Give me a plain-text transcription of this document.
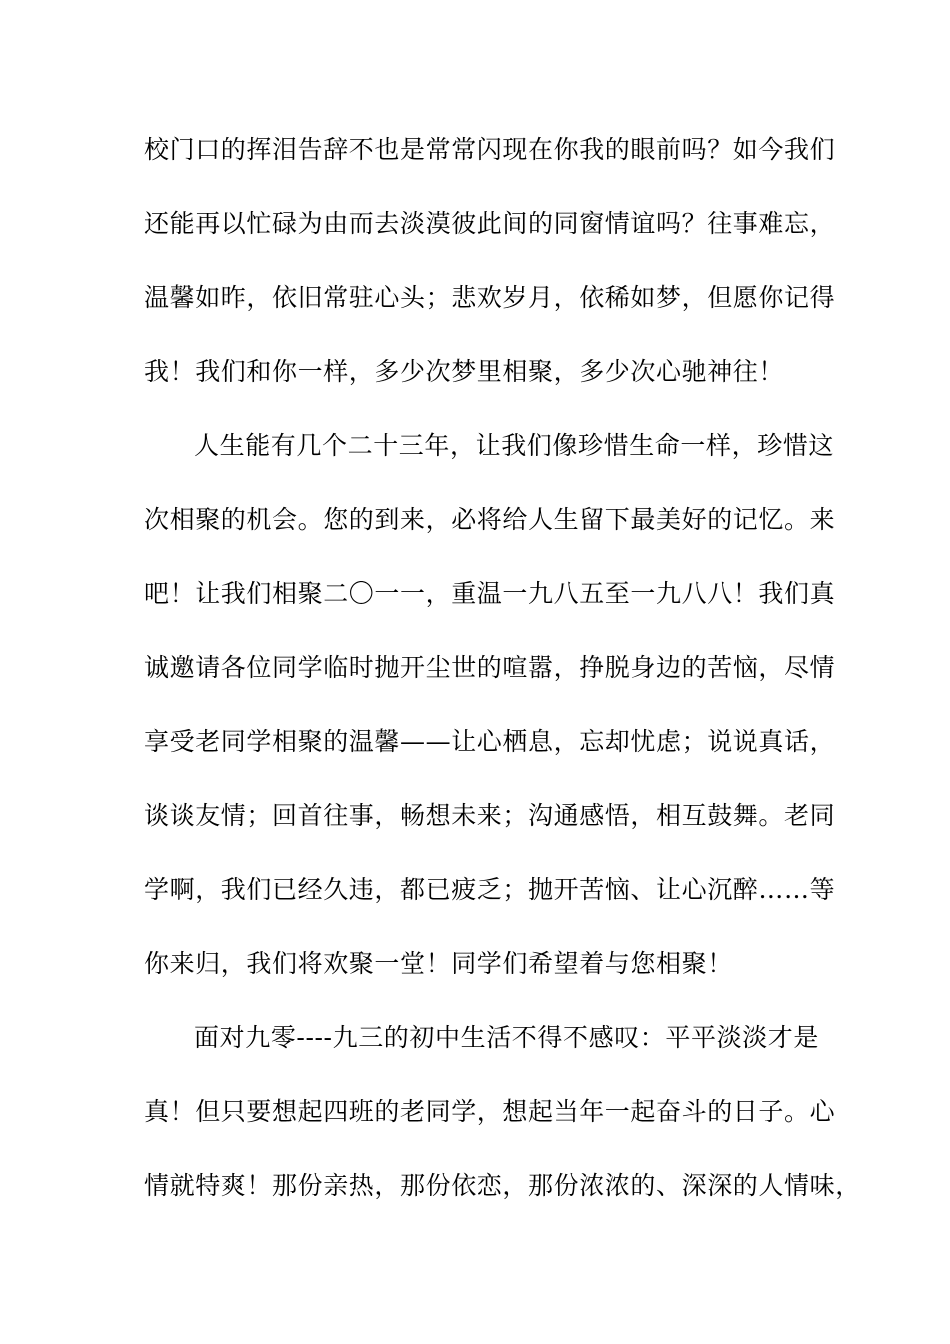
校门口的挥泪告辞不也是常常闪现在你我的眼前吗？如今我们
还能再以忙碌为由而去淡漠彼此间的同窗情谊吗？往事难忘，
温馨如昨，依旧常驻心头；悲欢岁月，依稀如梦，但愿你记得
我！我们和你一样，多少次梦里相聚，多少次心驰神往！
人生能有几个二十三年，让我们像珍惜生命一样，珍惜这
次相聚的机会。您的到来，必将给人生留下最美好的记忆。来
吧！让我们相聚二〇一一，重温一九八五至一九八八！我们真
诚邀请各位同学临时抛开尘世的喧嚣，挣脱身边的苦恼，尽情
享受老同学相聚的温馨——让心栖息，忘却忧虑；说说真话，
谈谈友情；回首往事，畅想未来；沟通感悟，相互鼓舞。老同
学啊，我们已经久违，都已疲乏；抛开苦恼、让心沉醉……等
你来归，我们将欢聚一堂！同学们希望着与您相聚！
面对九零----九三的初中生活不得不感叹：平平淡淡才是
真！但只要想起四班的老同学，想起当年一起奋斗的日子。心
情就特爽！那份亲热，那份依恋，那份浓浓的、深深的人情味，
